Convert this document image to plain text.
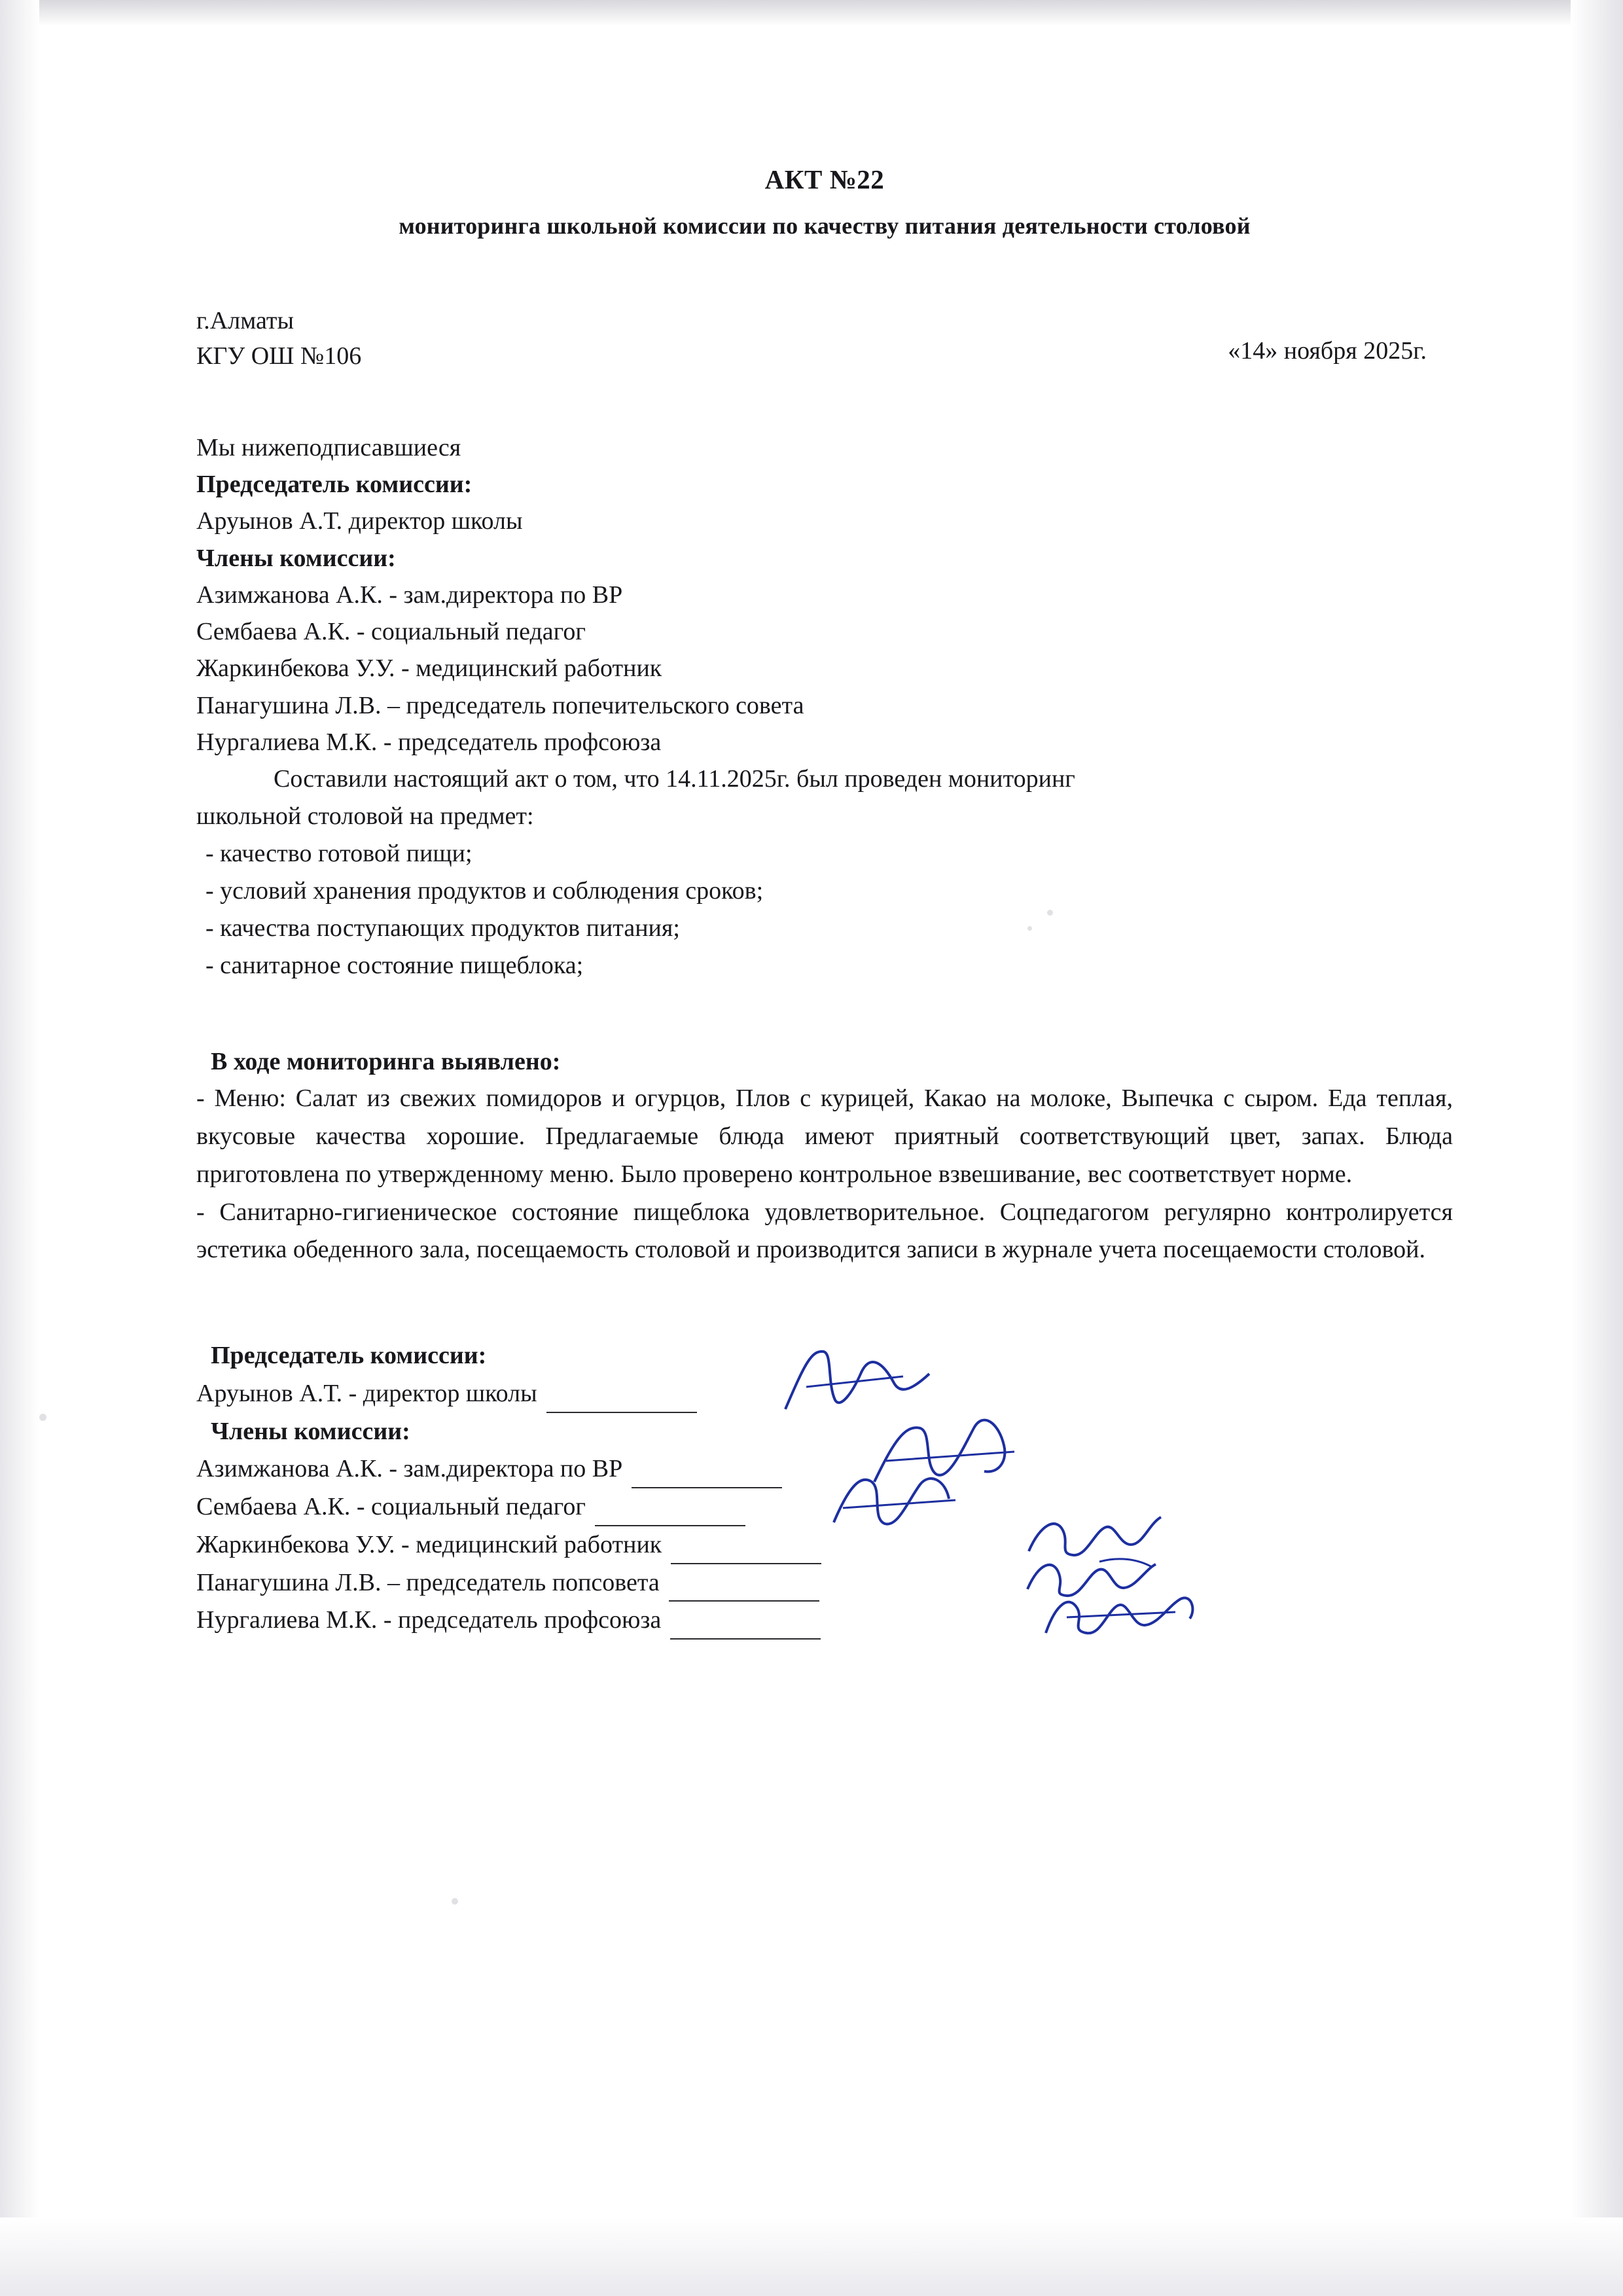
АКТ №22
мониторинга школьной комиссии по качеству питания деятельности столовой
г.Алматы
КГУ ОШ №106	«14» ноября 2025г.
Мы нижеподписавшиеся
Председатель комиссии:
Аруынов А.Т. директор школы
Члены комиссии:
Азимжанова А.К. - зам.директора по ВР
Сембаева А.К. - социальный педагог
Жаркинбекова У.У. - медицинский работник
Панагушина Л.В. – председатель попечительского совета
Нургалиева М.К. - председатель профсоюза

Составили настоящий акт о том, что 14.11.2025г. был проведен мониторинг

школьной столовой на предмет:

- качество готовой пищи;

- условий хранения продуктов и соблюдения сроков;

- качества поступающих продуктов питания;

- санитарное состояние пищеблока;

В ходе мониторинга выявлено:

- Меню: Салат из свежих помидоров и огурцов, Плов с курицей, Какао на молоке, Выпечка с сыром. Еда теплая, вкусовые качества хорошие. Предлагаемые блюда имеют приятный соответствующий цвет, запах. Блюда приготовлена по утвержденному меню. Было проверено контрольное взвешивание, вес соответствует норме.

- Санитарно-гигиеническое состояние пищеблока удовлетворительное. Соцпедагогом регулярно контролируется эстетика обеденного зала, посещаемость столовой и производится записи в журнале учета посещаемости столовой.

Председатель комиссии:
Аруынов А.Т. - директор школы
Члены комиссии:
Азимжанова А.К. - зам.директора по ВР
Сембаева А.К. - социальный педагог
Жаркинбекова У.У. - медицинский работник
Панагушина Л.В. – председатель попсовета
Нургалиева М.К. - председатель профсоюза
